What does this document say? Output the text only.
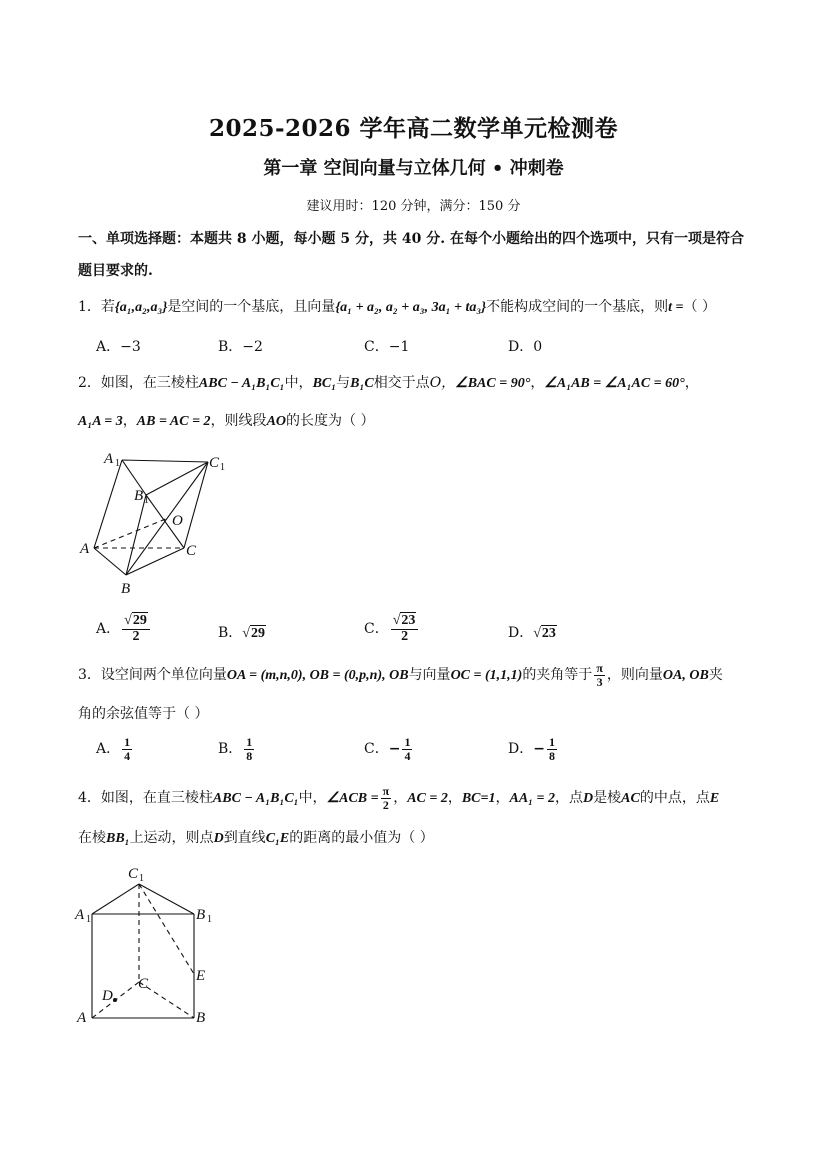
2025-2026 学年高二数学单元检测卷
第一章 空间向量与立体几何 • 冲刺卷
建议用时：120 分钟，满分：150 分
一、单项选择题：本题共 8 小题，每小题 5 分，共 40 分. 在每个小题给出的四个选项中，只有一项是符合
题目要求的.
1．若{a₁,a₂,a₃}是空间的一个基底，且向量{a₁ + a₂, a₂ + a₃, 3a₁ + ta₃}不能构成空间的一个基底，则t =（ ）
A．−3	B．−2	C．−1	D．0
2．如图，在三棱柱ABC − A₁B₁C₁中，BC₁与B₁C相交于点O，∠BAC = 90°，∠A₁AB = ∠A₁AC = 60°，
A₁A = 3，AB = AC = 2，则线段AO的长度为（ ）
A 1	C 1
B 1
O
A	C
B
A． $\frac{√29}{2}$	B．√29	C． $\frac{√23}{2}$	D．√23
3．设空间两个单位向量OA = (m,n,0), OB = (0,p,n), OB与向量OC = (1,1,1)的夹角等于 $\frac{\pi}{3}$ ，则向量OA, OB夹
角的余弦值等于（ ）
A． $\frac{1}{4}$	B． $\frac{1}{8}$	C．− $\frac{1}{4}$	D．− $\frac{1}{8}$
4．如图，在直三棱柱ABC − A₁B₁C₁中，∠ACB = $\frac{\pi}{2}$ ，AC = 2，BC=1，AA₁ = 2，点D是棱AC的中点，点E
在棱BB₁上运动，则点D到直线C₁E的距离的最小值为（ ）
C 1
A 1	B 1
E
C
D
A	B
